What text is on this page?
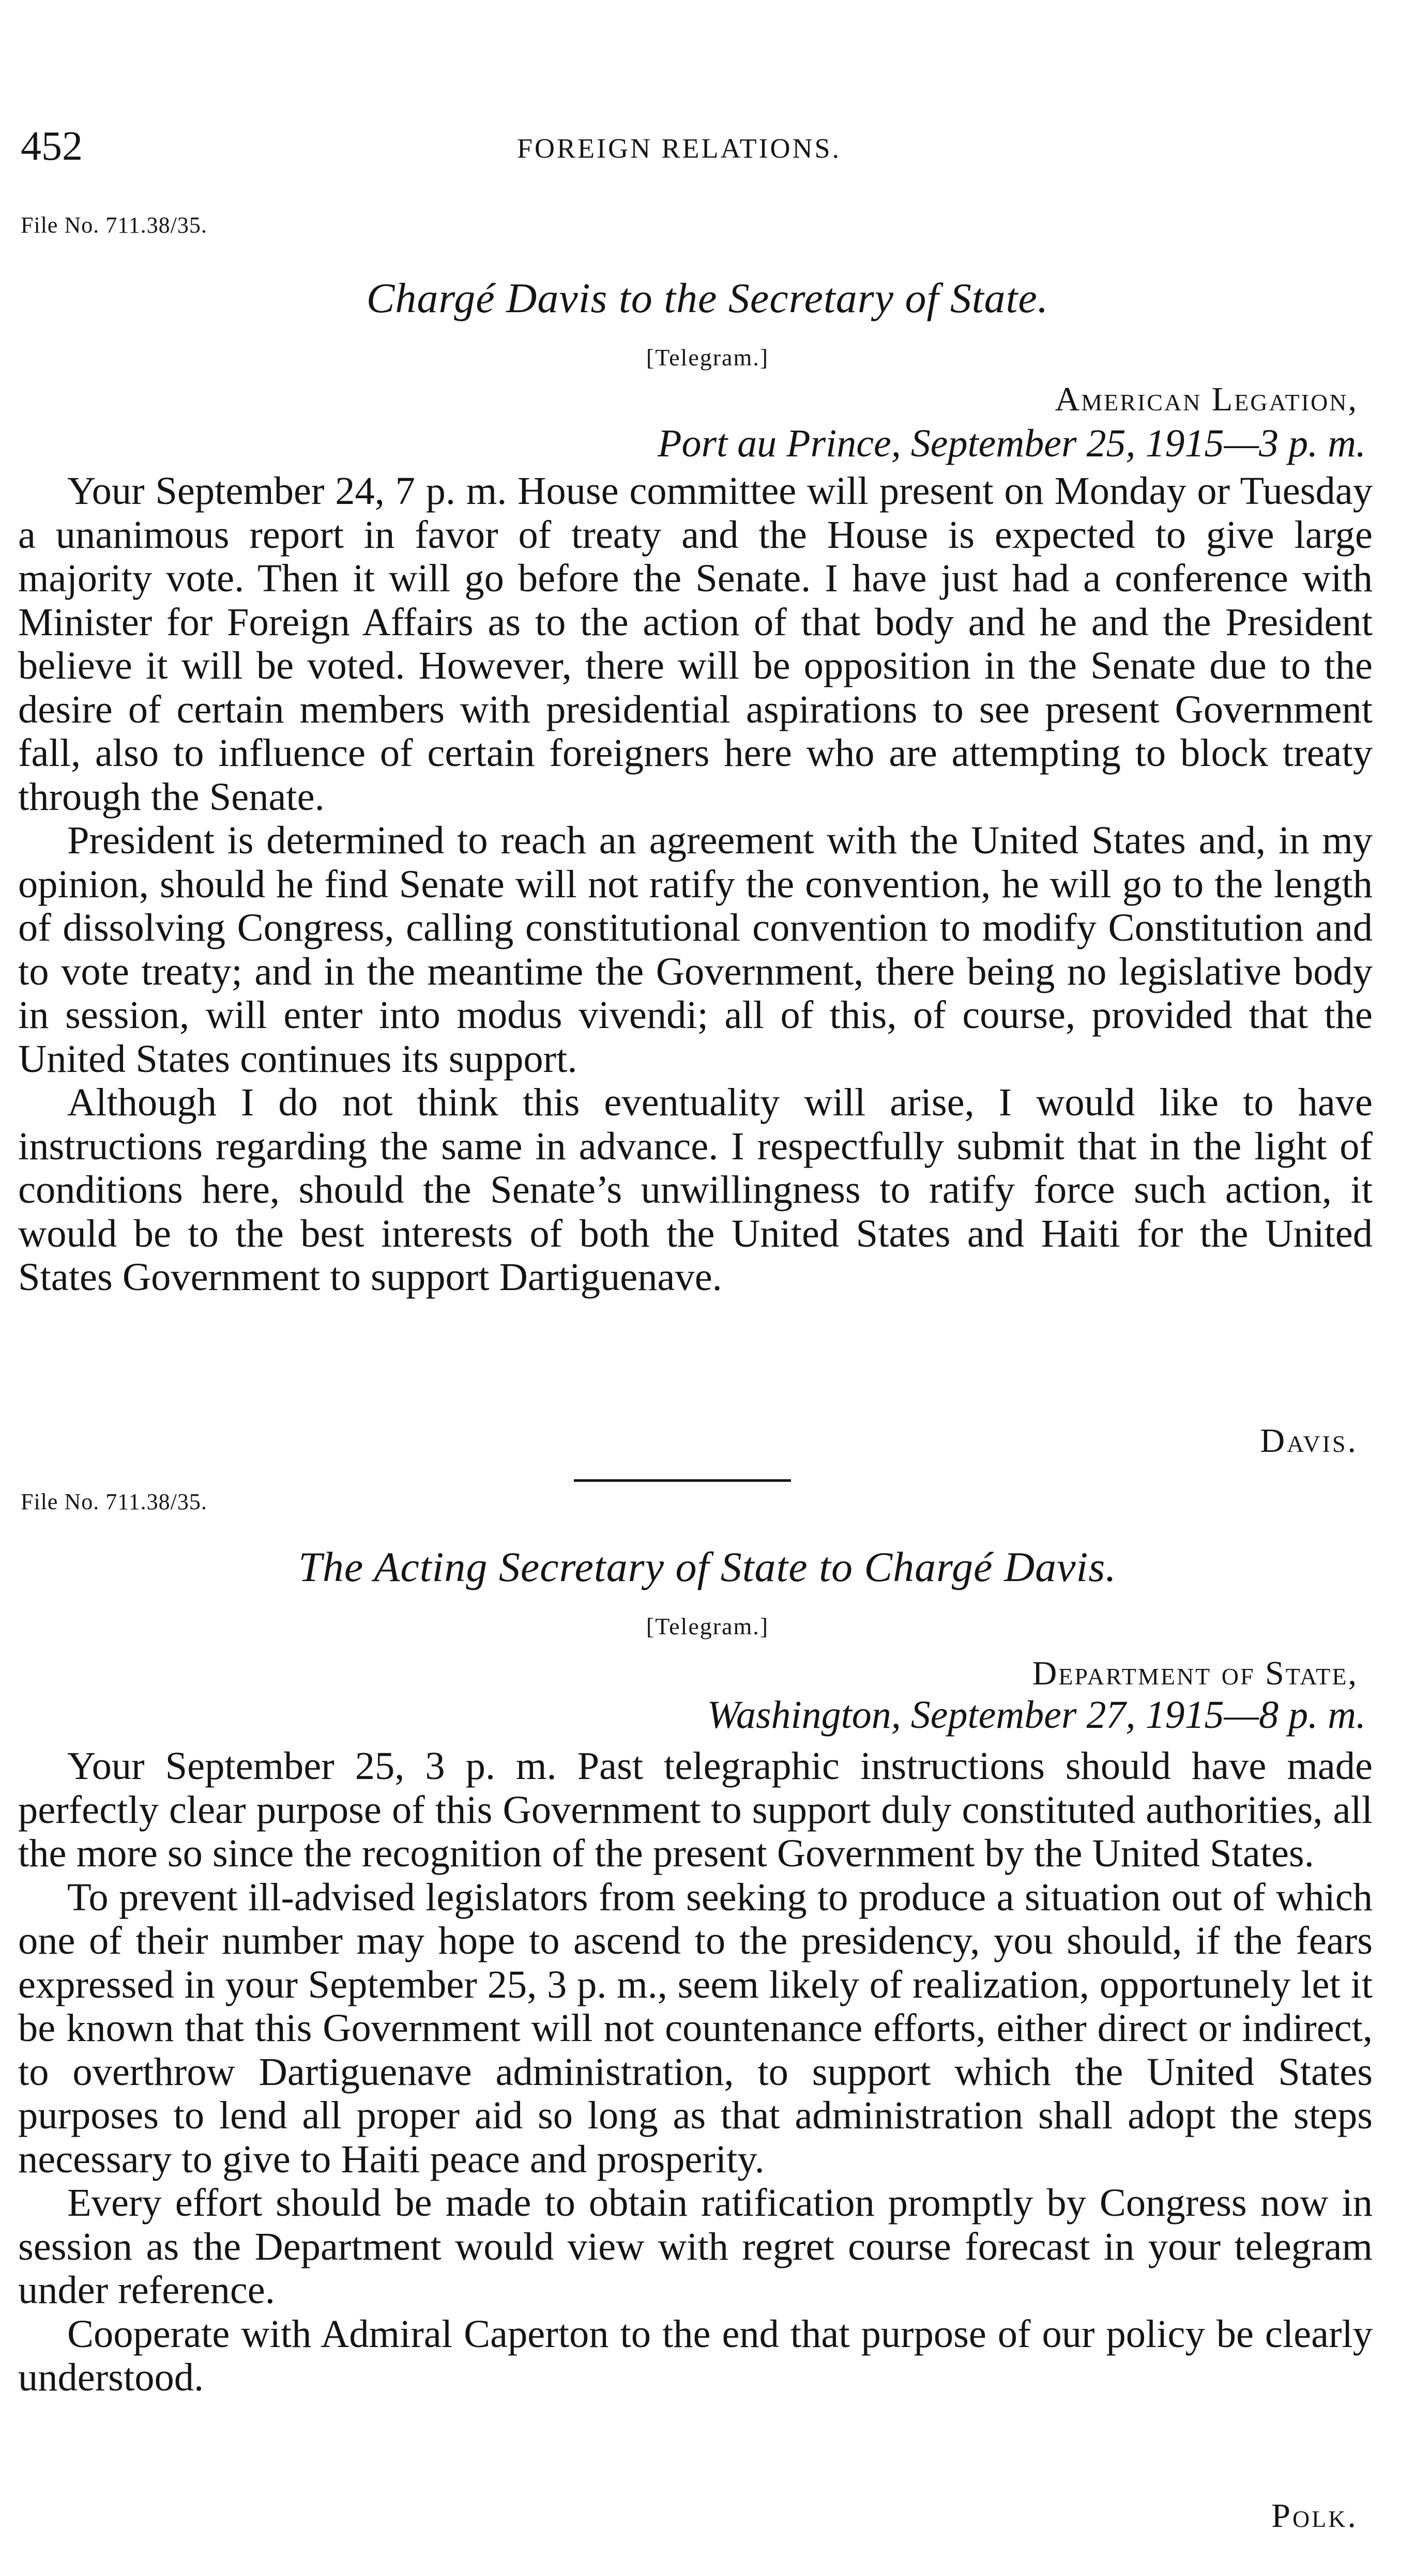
452	FOREIGN RELATIONS.
File No. 711.38/35.
Chargé Davis to the Secretary of State.
[Telegram.]
American Legation,
Port au Prince, September 25, 1915—3 p. m.

Your September 24, 7 p. m. House committee will present on Monday or Tuesday a unanimous report in favor of treaty and the House is expected to give large majority vote. Then it will go before the Senate. I have just had a conference with Minister for Foreign Affairs as to the action of that body and he and the President believe it will be voted. However, there will be opposition in the Senate due to the desire of certain members with presidential aspirations to see present Government fall, also to influence of certain foreigners here who are attempting to block treaty through the Senate.

President is determined to reach an agreement with the United States and, in my opinion, should he find Senate will not ratify the convention, he will go to the length of dissolving Congress, calling constitutional convention to modify Constitution and to vote treaty; and in the meantime the Government, there being no legislative body in session, will enter into modus vivendi; all of this, of course, provided that the United States continues its support.

Although I do not think this eventuality will arise, I would like to have instructions regarding the same in advance. I respectfully submit that in the light of conditions here, should the Senate’s unwillingness to ratify force such action, it would be to the best interests of both the United States and Haiti for the United States Government to support Dartiguenave.

Davis.
File No. 711.38/35.
The Acting Secretary of State to Chargé Davis.
[Telegram.]
Department of State,
Washington, September 27, 1915—8 p. m.

Your September 25, 3 p. m. Past telegraphic instructions should have made perfectly clear purpose of this Government to support duly constituted authorities, all the more so since the recognition of the present Government by the United States.

To prevent ill-advised legislators from seeking to produce a situation out of which one of their number may hope to ascend to the presidency, you should, if the fears expressed in your September 25, 3 p. m., seem likely of realization, opportunely let it be known that this Government will not countenance efforts, either direct or indirect, to overthrow Dartiguenave administration, to support which the United States purposes to lend all proper aid so long as that administration shall adopt the steps necessary to give to Haiti peace and prosperity.

Every effort should be made to obtain ratification promptly by Congress now in session as the Department would view with regret course forecast in your telegram under reference.

Cooperate with Admiral Caperton to the end that purpose of our policy be clearly understood.

Polk.
